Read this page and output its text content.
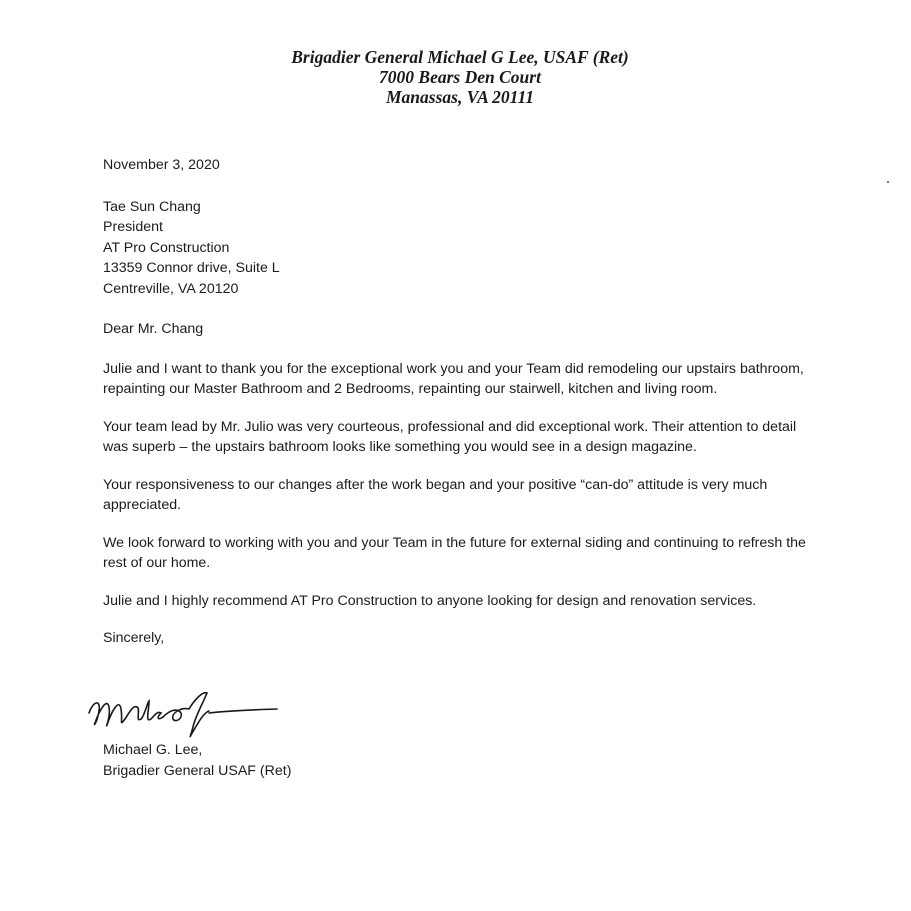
Brigadier General Michael G Lee, USAF (Ret)
7000 Bears Den Court
Manassas, VA 20111

November 3, 2020

Tae Sun Chang
President
AT Pro Construction
13359 Connor drive, Suite L
Centreville, VA 20120

Dear Mr. Chang

Julie and I want to thank you for the exceptional work you and your Team did remodeling our upstairs bathroom, repainting our Master Bathroom and 2 Bedrooms, repainting our stairwell, kitchen and living room.

Your team lead by Mr. Julio was very courteous, professional and did exceptional work. Their attention to detail was superb – the upstairs bathroom looks like something you would see in a design magazine.

Your responsiveness to our changes after the work began and your positive “can-do” attitude is very much appreciated.

We look forward to working with you and your Team in the future for external siding and continuing to refresh the rest of our home.

Julie and I highly recommend AT Pro Construction to anyone looking for design and renovation services.

Sincerely,

Michael G. Lee,
Brigadier General USAF (Ret)
